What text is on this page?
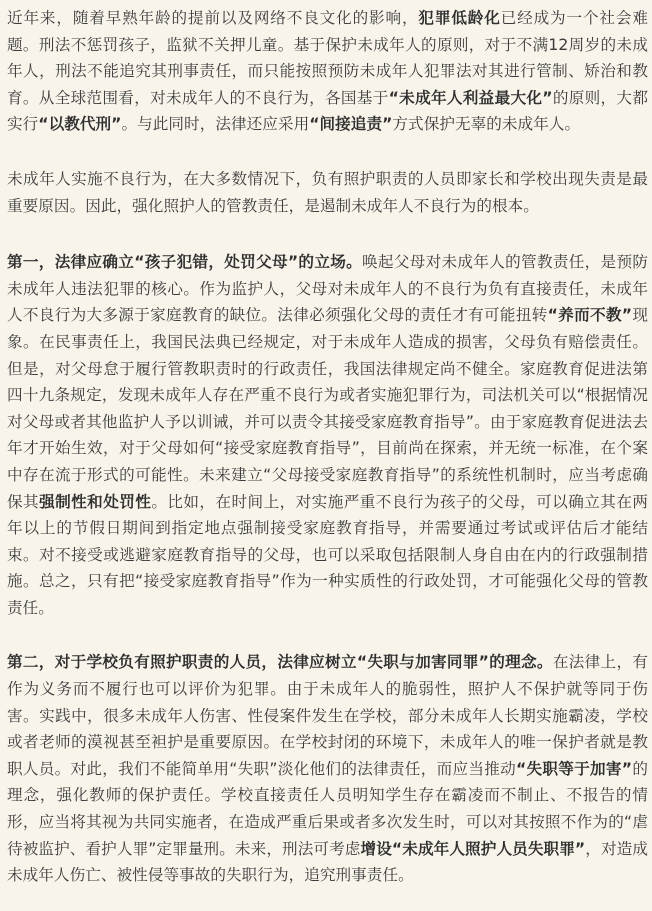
近年来，随着早熟年龄的提前以及网络不良文化的影响，犯罪低龄化已经成为一个社会难题。刑法不惩罚孩子，监狱不关押儿童。基于保护未成年人的原则，对于不满12周岁的未成年人，刑法不能追究其刑事责任，而只能按照预防未成年人犯罪法对其进行管制、矫治和教育。从全球范围看，对未成年人的不良行为，各国基于“未成年人利益最大化”的原则，大都实行“以教代刑”。与此同时，法律还应采用“间接追责”方式保护无辜的未成年人。

未成年人实施不良行为，在大多数情况下，负有照护职责的人员即家长和学校出现失责是最重要原因。因此，强化照护人的管教责任，是遏制未成年人不良行为的根本。

第一，法律应确立“孩子犯错，处罚父母”的立场。唤起父母对未成年人的管教责任，是预防未成年人违法犯罪的核心。作为监护人，父母对未成年人的不良行为负有直接责任，未成年人不良行为大多源于家庭教育的缺位。法律必须强化父母的责任才有可能扭转“养而不教”现象。在民事责任上，我国民法典已经规定，对于未成年人造成的损害，父母负有赔偿责任。但是，对父母怠于履行管教职责时的行政责任，我国法律规定尚不健全。家庭教育促进法第四十九条规定，发现未成年人存在严重不良行为或者实施犯罪行为，司法机关可以“根据情况对父母或者其他监护人予以训诫，并可以责令其接受家庭教育指导”。由于家庭教育促进法去年才开始生效，对于父母如何“接受家庭教育指导”，目前尚在探索，并无统一标准，在个案中存在流于形式的可能性。未来建立“父母接受家庭教育指导”的系统性机制时，应当考虑确保其强制性和处罚性。比如，在时间上，对实施严重不良行为孩子的父母，可以确立其在两年以上的节假日期间到指定地点强制接受家庭教育指导，并需要通过考试或评估后才能结束。对不接受或逃避家庭教育指导的父母，也可以采取包括限制人身自由在内的行政强制措施。总之，只有把“接受家庭教育指导”作为一种实质性的行政处罚，才可能强化父母的管教责任。

第二，对于学校负有照护职责的人员，法律应树立“失职与加害同罪”的理念。在法律上，有作为义务而不履行也可以评价为犯罪。由于未成年人的脆弱性，照护人不保护就等同于伤害。实践中，很多未成年人伤害、性侵案件发生在学校，部分未成年人长期实施霸凌，学校或者老师的漠视甚至袒护是重要原因。在学校封闭的环境下，未成年人的唯一保护者就是教职人员。对此，我们不能简单用“失职”淡化他们的法律责任，而应当推动“失职等于加害”的理念，强化教师的保护责任。学校直接责任人员明知学生存在霸凌而不制止、不报告的情形，应当将其视为共同实施者，在造成严重后果或者多次发生时，可以对其按照不作为的“虐待被监护、看护人罪”定罪量刑。未来，刑法可考虑增设“未成年人照护人员失职罪”，对造成未成年人伤亡、被性侵等事故的失职行为，追究刑事责任。
